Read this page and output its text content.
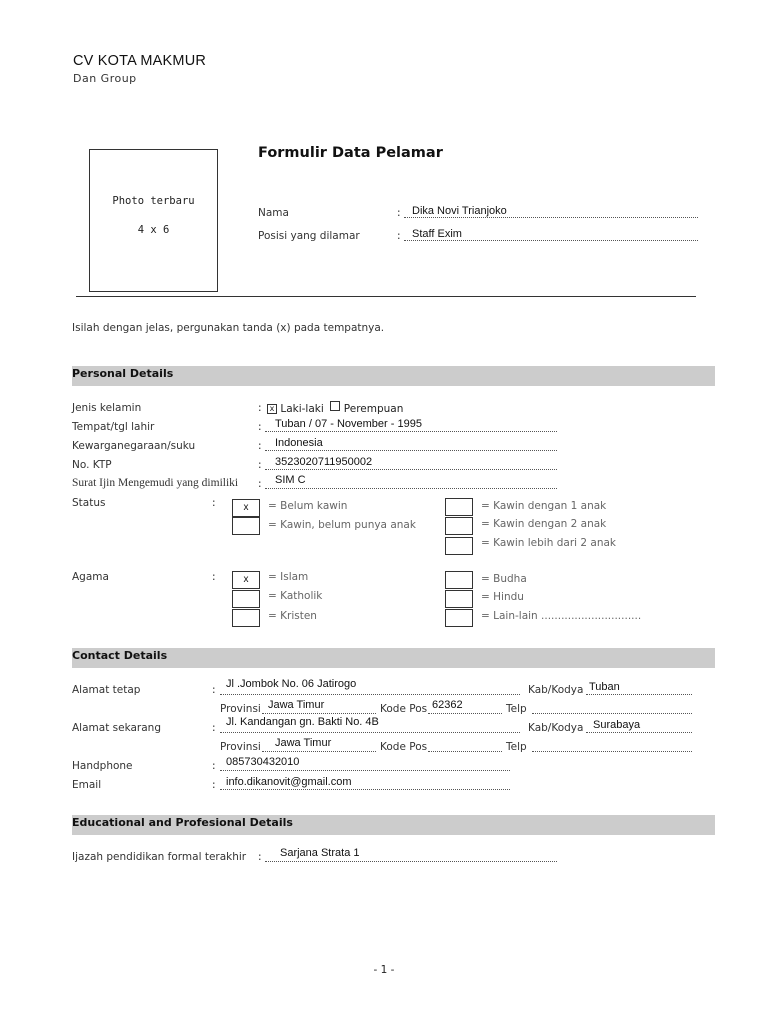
CV KOTA MAKMUR
Dan Group
Photo terbaru
4 x 6
Formulir Data Pelamar
Nama	: Dika Novi Trianjoko
Posisi yang dilamar	: Staff Exim
Isilah dengan jelas, pergunakan tanda (x) pada tempatnya.
Personal Details
Jenis kelamin	:	x Laki-laki Perempuan
Tempat/tgl lahir	: Tuban / 07 - November - 1995
Kewarganegaraan/suku	: Indonesia
No. KTP	: 3523020711950002
Surat Ijin Mengemudi yang dimiliki : SIM C
Status	:	x	= Belum kawin
= Kawin, belum punya anak
= Kawin dengan 1 anak
= Kawin dengan 2 anak
= Kawin lebih dari 2 anak
Agama	:	x	= Islam
= Katholik
= Kristen
= Budha
= Hindu
= Lain-lain ..............................
Contact Details
Alamat tetap	: Jl .Jombok No. 06 Jatirogo	Kab/Kodya Tuban
Provinsi Jawa Timur	Kode Pos 62362	Telp
Alamat sekarang	: Jl. Kandangan gn. Bakti No. 4B	Kab/Kodya Surabaya
Provinsi Jawa Timur	Kode Pos	Telp
Handphone	: 085730432010
Email	: info.dikanovit@gmail.com
Educational and Profesional Details
Ijazah pendidikan formal terakhir : Sarjana Strata 1
- 1 -
